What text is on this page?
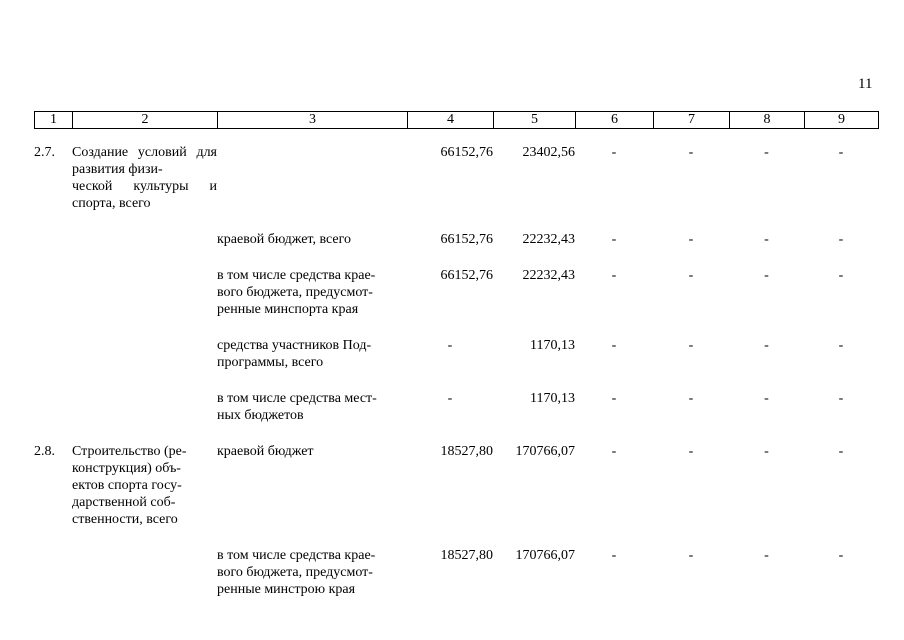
11
1	2	3	4	5	6	7	8	9
2.7.	Создание условий для развития физи-
ческой культуры и спорта, всего		66152,76	23402,56	-	-	-	-

		краевой бюджет, всего	66152,76	22232,43	-	-	-	-

		в том числе средства крае-
вого бюджета, предусмот-
ренные минспорта края	66152,76	22232,43	-	-	-	-

		средства участников Под-
программы, всего	-	1170,13	-	-	-	-

		в том числе средства мест-
ных бюджетов	-	1170,13	-	-	-	-

2.8.	Строительство (ре-
конструкция) объ-
ектов спорта госу-
дарственной соб-
ственности, всего	краевой бюджет	18527,80	170766,07	-	-	-	-

		в том числе средства крае-
вого бюджета, предусмот-
ренные минстрою края	18527,80	170766,07	-	-	-	-
